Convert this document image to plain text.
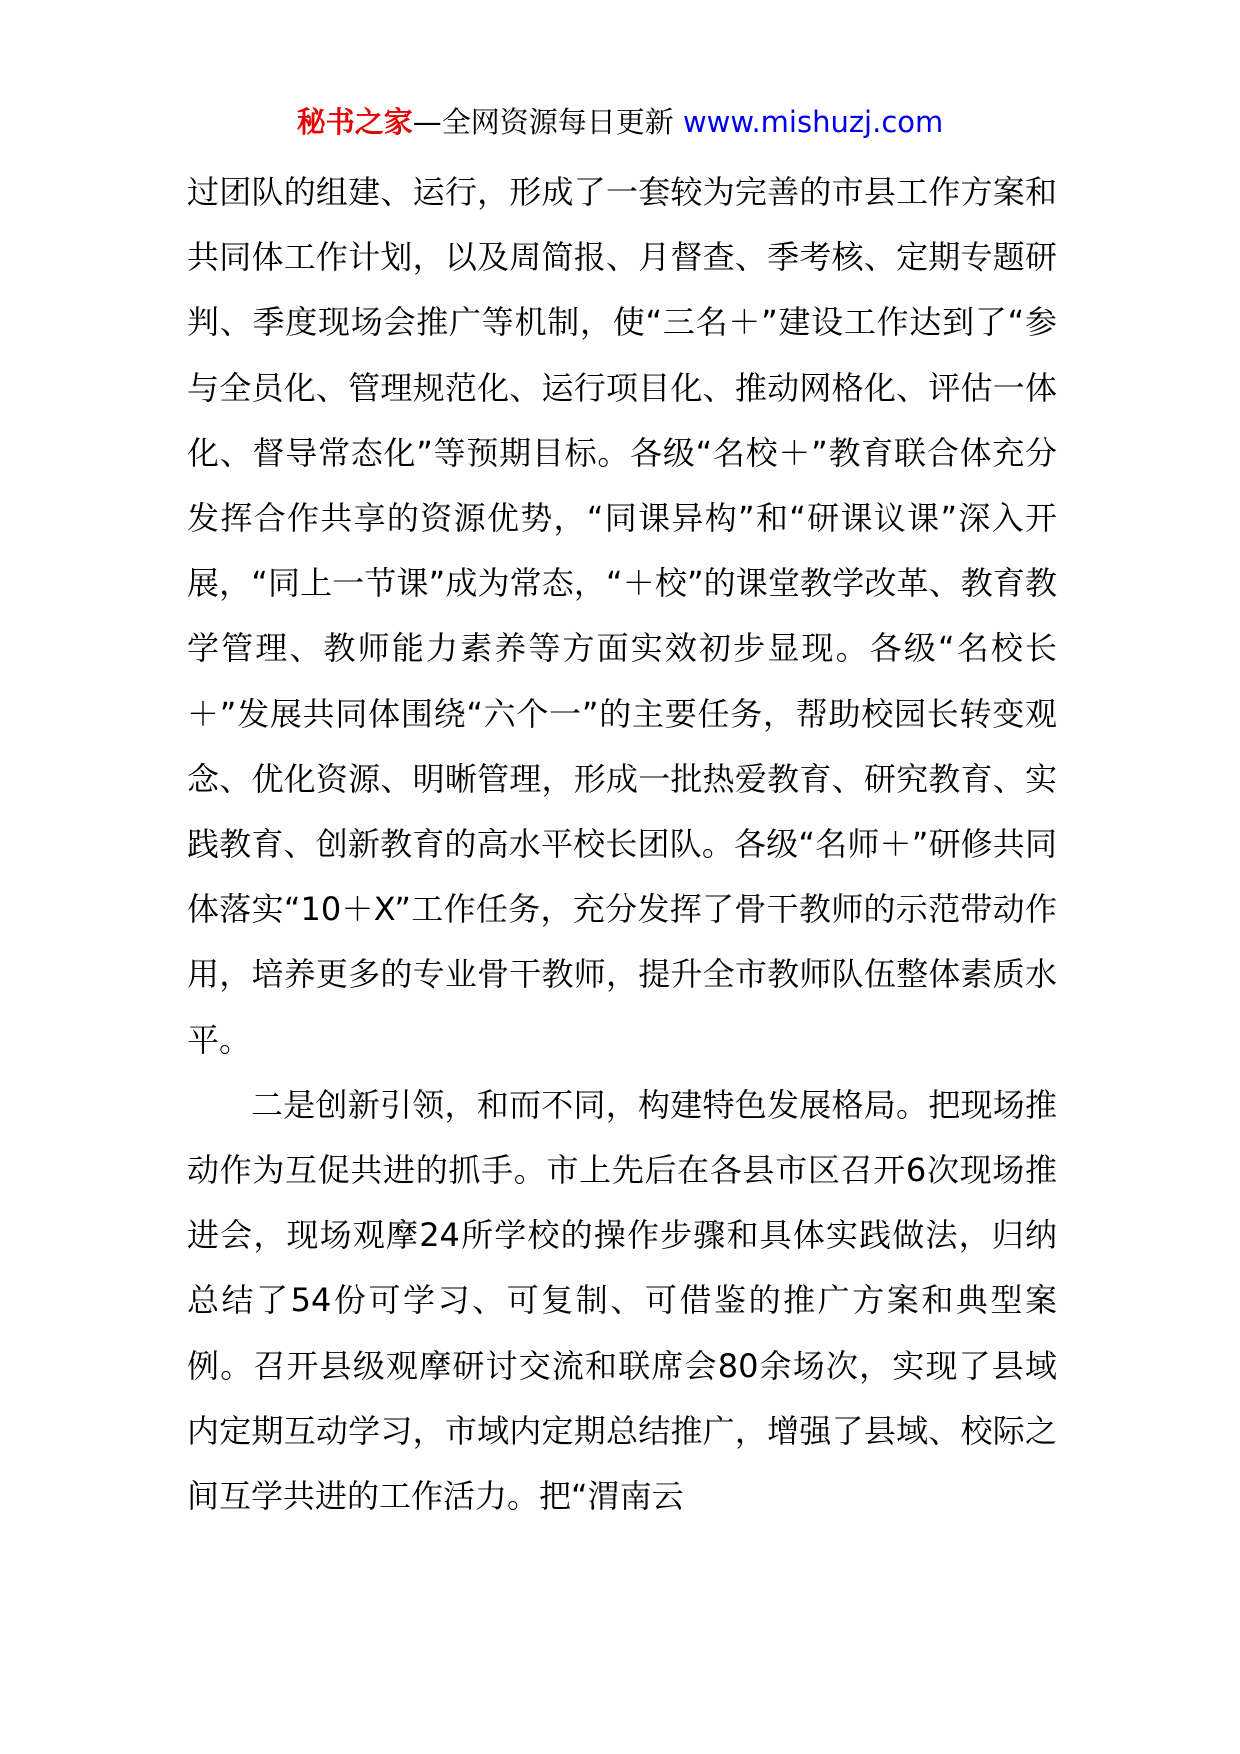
秘书之家—全网资源每日更新 www.mishuzj.com

过团队的组建、运行，形成了一套较为完善的市县工作方案和共同体工作计划，以及周简报、月督查、季考核、定期专题研判、季度现场会推广等机制，使“三名＋”建设工作达到了“参与全员化、管理规范化、运行项目化、推动网格化、评估一体化、督导常态化”等预期目标。各级“名校＋”教育联合体充分发挥合作共享的资源优势，“同课异构”和“研课议课”深入开展，“同上一节课”成为常态，“＋校”的课堂教学改革、教育教学管理、教师能力素养等方面实效初步显现。各级“名校长＋”发展共同体围绕“六个一”的主要任务，帮助校园长转变观念、优化资源、明晰管理，形成一批热爱教育、研究教育、实践教育、创新教育的高水平校长团队。各级“名师＋”研修共同体落实“10＋X”工作任务，充分发挥了骨干教师的示范带动作用，培养更多的专业骨干教师，提升全市教师队伍整体素质水平。

二是创新引领，和而不同，构建特色发展格局。把现场推动作为互促共进的抓手。市上先后在各县市区召开6次现场推进会，现场观摩24所学校的操作步骤和具体实践做法，归纳总结了54份可学习、可复制、可借鉴的推广方案和典型案例。召开县级观摩研讨交流和联席会80余场次，实现了县域内定期互动学习，市域内定期总结推广，增强了县域、校际之间互学共进的工作活力。把“渭南云
